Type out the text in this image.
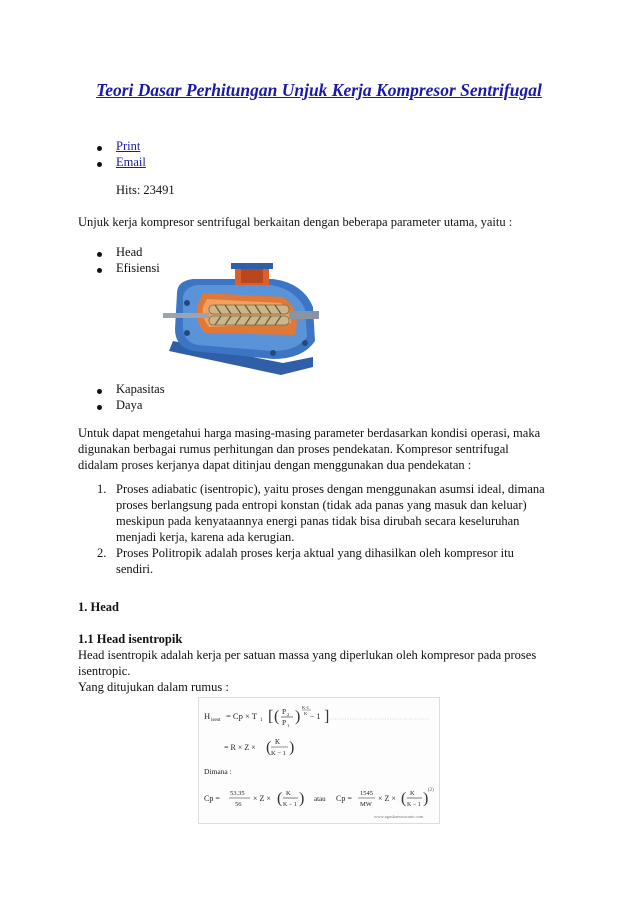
Teori Dasar Perhitungan Unjuk Kerja Kompresor Sentrifugal
Print
Email
Hits: 23491
Unjuk kerja kompresor sentrifugal berkaitan dengan beberapa parameter utama, yaitu :
Head
Efisiensi
Kapasitas
Daya
Untuk dapat mengetahui harga masing-masing parameter berdasarkan kondisi operasi, maka
digunakan berbagai rumus perhitungan dan proses pendekatan. Kompresor sentrifugal
didalam proses kerjanya dapat ditinjau dengan menggunakan dua pendekatan :
1. Proses adiabatic (isentropic), yaitu proses dengan menggunakan asumsi ideal, dimana
proses berlangsung pada entropi konstan (tidak ada panas yang masuk dan keluar)
meskipun pada kenyataannya energi panas tidak bisa dirubah secara keseluruhan
menjadi kerja, karena ada kerugian.
2. Proses Politropik adalah proses kerja aktual yang dihasilkan oleh kompresor itu
sendiri.
1. Head
1.1 Head isentropik
Head isentropik adalah kerja per satuan massa yang diperlukan oleh kompresor pada proses
isentropic.
Yang ditujukan dalam rumus :
H isent = Cp × T 1 [ ( P 2
P 1
)
K-1
K − 1 ]
= R × Z × ( K
K − 1 )
Dimana :
Cp =
53.35
56
× Z × ( K
K − 1 ) atau Cp =
1545
MW
× Z × ( K
K − 1 ) (2)
www.aguskaeswoonto.com
